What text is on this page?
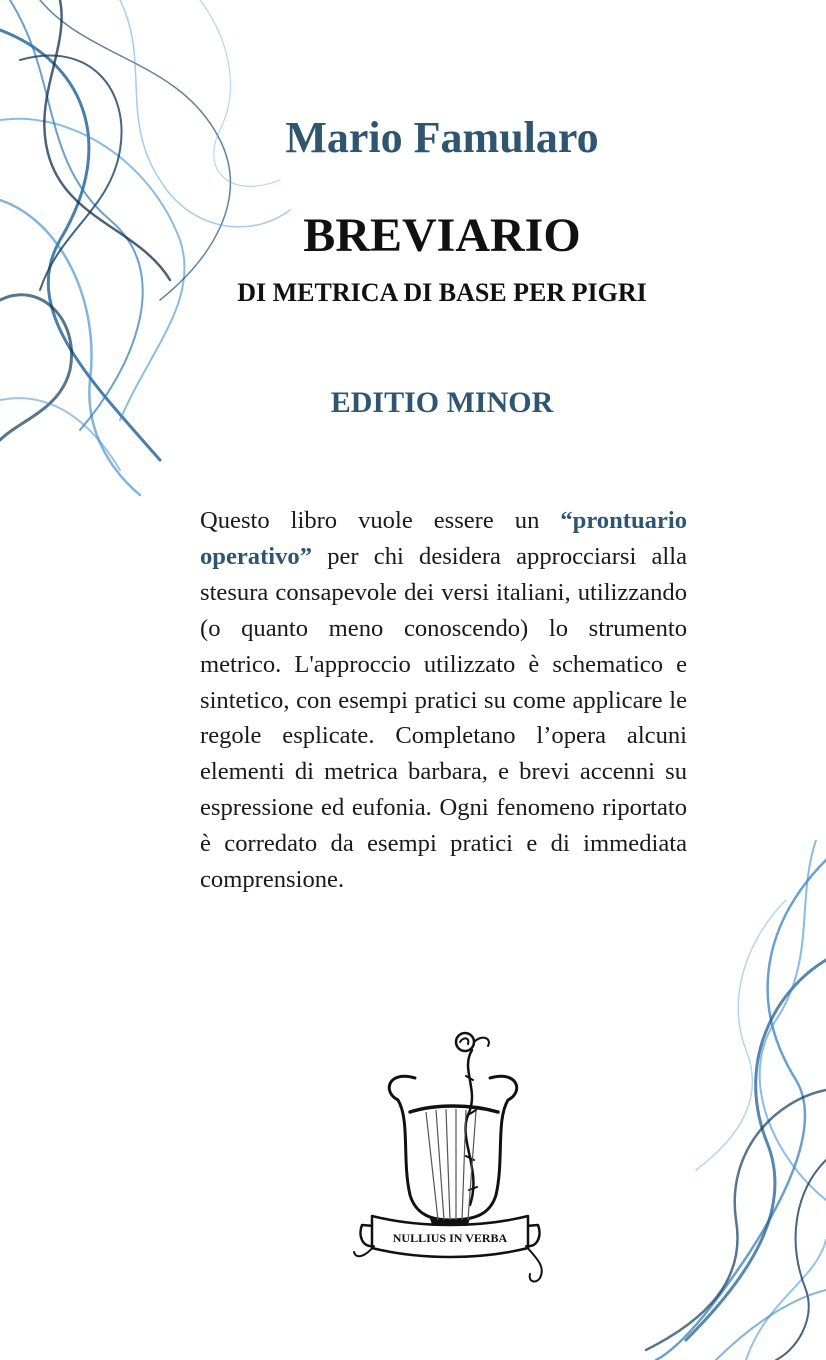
Mario Famularo
BREVIARIO
DI METRICA DI BASE PER PIGRI
EDITIO MINOR

Questo libro vuole essere un “prontuario operativo” per chi desidera approcciarsi alla stesura consapevole dei versi italiani, utilizzando (o quanto meno conoscendo) lo strumento metrico. L'approccio utilizzato è schematico e sintetico, con esempi pratici su come applicare le regole esplicate. Completano l’opera alcuni elementi di metrica barbara, e brevi accenni su espressione ed eufonia. Ogni fenomeno riportato è corredato da esempi pratici e di immediata comprensione.

NULLIUS IN VERBA
